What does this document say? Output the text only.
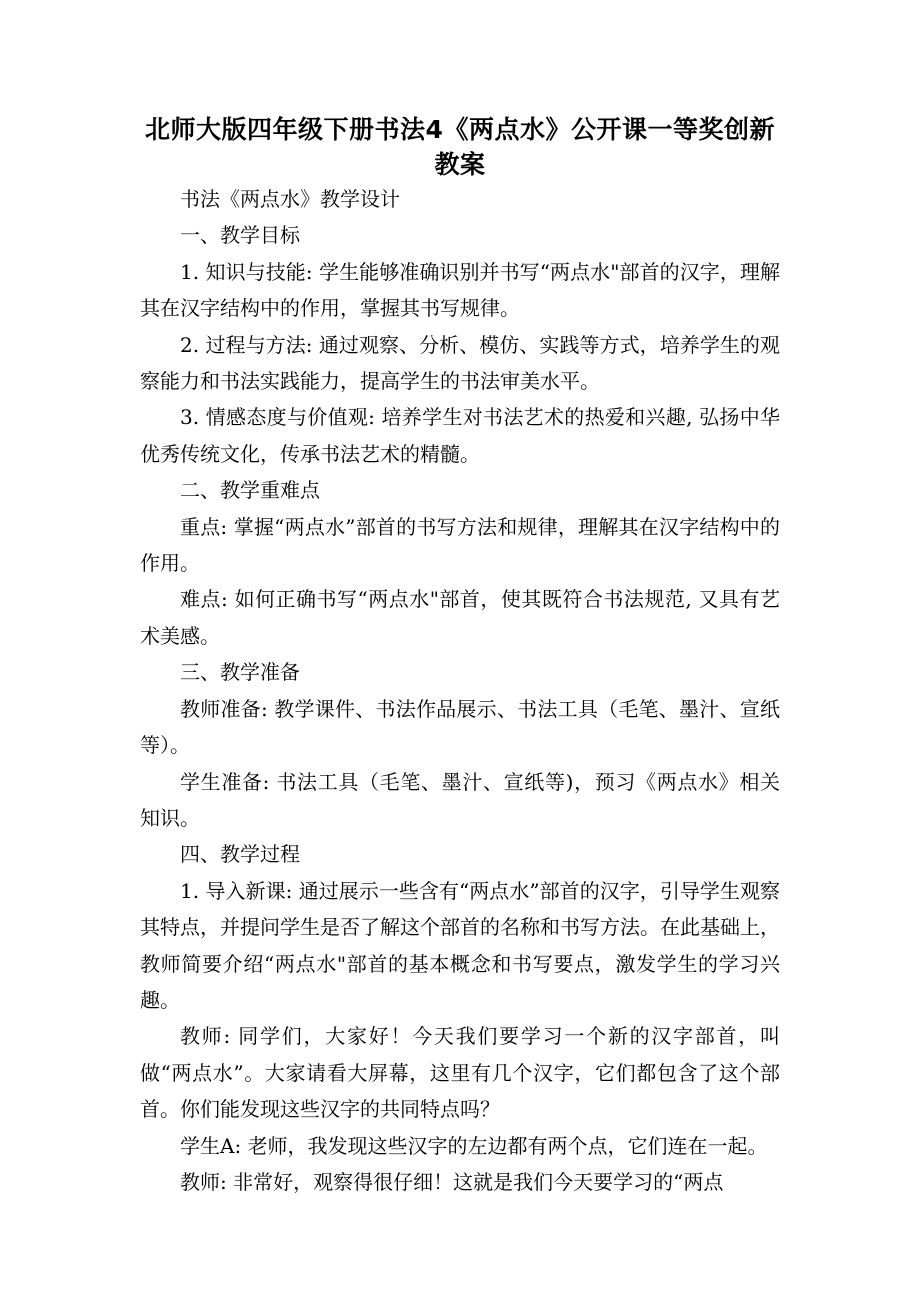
北师大版四年级下册书法4《两点水》公开课一等奖创新教案

书法《两点水》教学设计

一、教学目标

1. 知识与技能: 学生能够准确识别并书写“两点水"部首的汉字，理解其在汉字结构中的作用，掌握其书写规律。

2. 过程与方法: 通过观察、分析、模仿、实践等方式，培养学生的观察能力和书法实践能力，提高学生的书法审美水平。

3. 情感态度与价值观: 培养学生对书法艺术的热爱和兴趣, 弘扬中华优秀传统文化，传承书法艺术的精髓。

二、教学重难点

重点: 掌握“两点水”部首的书写方法和规律，理解其在汉字结构中的作用。

难点: 如何正确书写“两点水"部首，使其既符合书法规范, 又具有艺术美感。

三、教学准备

教师准备: 教学课件、书法作品展示、书法工具（毛笔、墨汁、宣纸等）。

学生准备: 书法工具（毛笔、墨汁、宣纸等)，预习《两点水》相关知识。

四、教学过程

1. 导入新课: 通过展示一些含有“两点水”部首的汉字，引导学生观察其特点，并提问学生是否了解这个部首的名称和书写方法。在此基础上，教师简要介绍“两点水"部首的基本概念和书写要点，激发学生的学习兴趣。

教师: 同学们，大家好！今天我们要学习一个新的汉字部首，叫做“两点水”。大家请看大屏幕，这里有几个汉字，它们都包含了这个部首。你们能发现这些汉字的共同特点吗？

学生A: 老师，我发现这些汉字的左边都有两个点，它们连在一起。

教师: 非常好，观察得很仔细！这就是我们今天要学习的“两点
